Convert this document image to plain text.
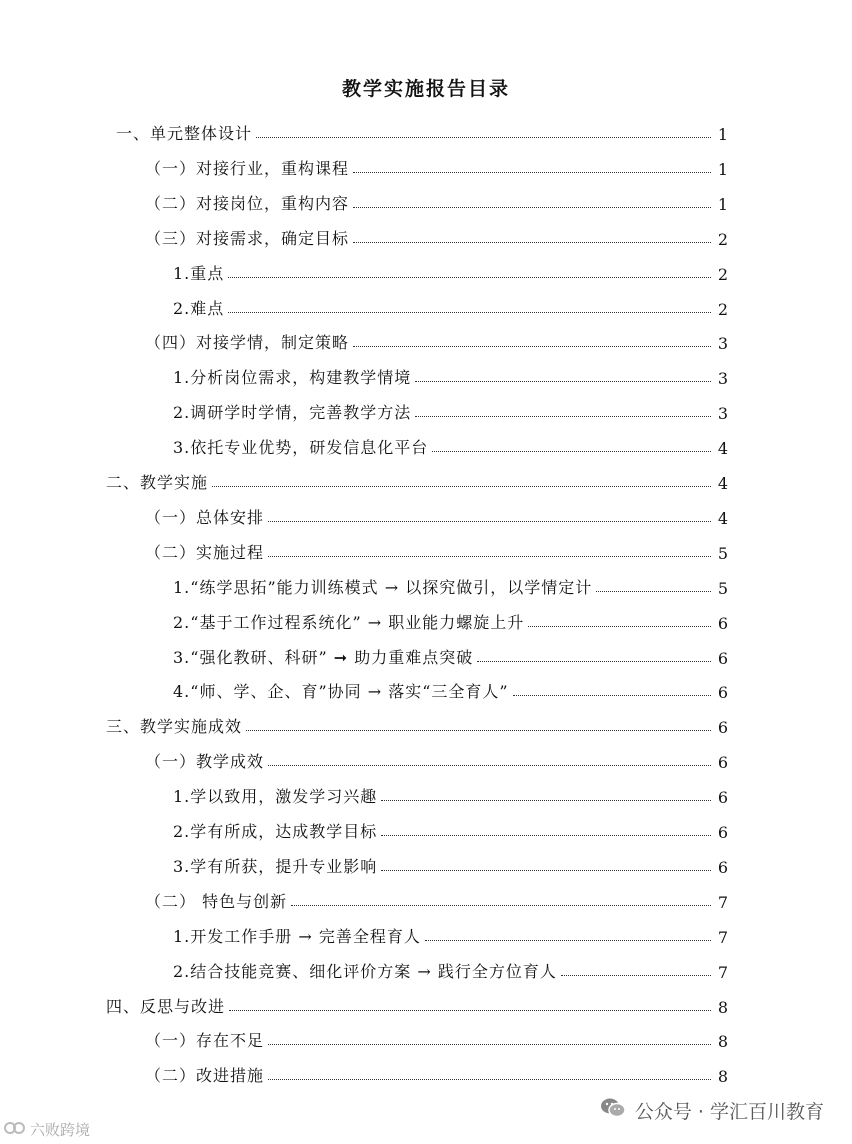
教学实施报告目录
一、单元整体设计	1
（一）对接行业，重构课程	1
（二）对接岗位，重构内容	1
（三）对接需求，确定目标	2
1.重点	2
2.难点	2
（四）对接学情，制定策略	3
1.分析岗位需求，构建教学情境	3
2.调研学时学情，完善教学方法	3
3.依托专业优势，研发信息化平台	4
二、教学实施	4
（一）总体安排	4
（二）实施过程	5
1.“练学思拓”能力训练模式 → 以探究做引，以学情定计	5
2.“基于工作过程系统化” → 职业能力螺旋上升	6
3.“强化教研、科研” ➞ 助力重难点突破	6
4.“师、学、企、育”协同 → 落实“三全育人”	6
三、教学实施成效	6
（一）教学成效	6
1.学以致用，激发学习兴趣	6
2.学有所成，达成教学目标	6
3.学有所获，提升专业影响	6
（二） 特色与创新	7
1.开发工作手册 → 完善全程育人	7
2.结合技能竞赛、细化评价方案 → 践行全方位育人	7
四、反思与改进	8
（一）存在不足	8
（二）改进措施	8
六败跨境
公众号 · 学汇百川教育
